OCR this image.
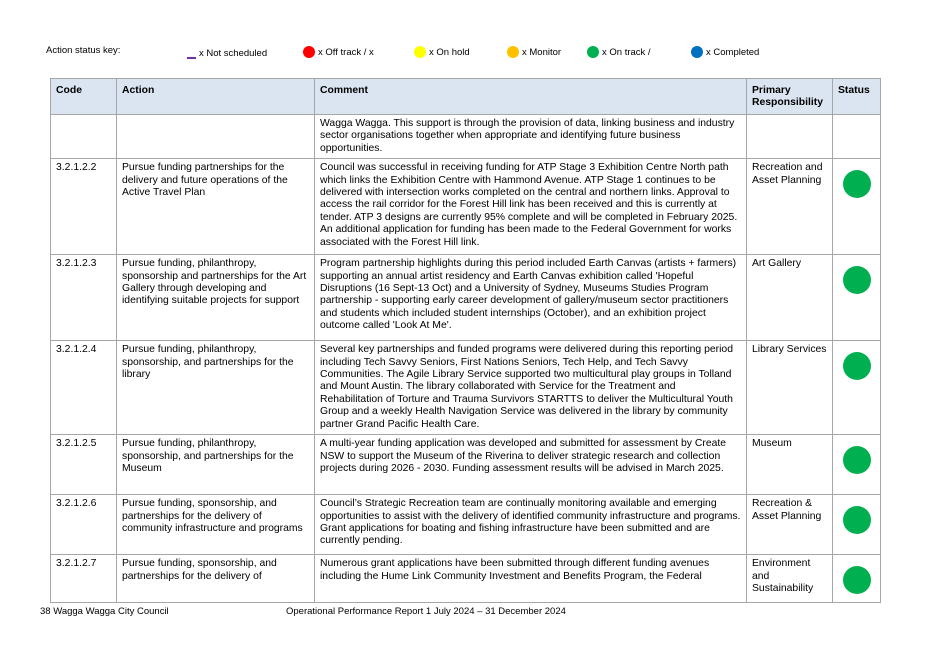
Action status key:	x Not scheduled	x Off track / x	x On hold	x Monitor	x On track /	x Completed
Code	Action	Comment	Primary Responsibility	Status
		Wagga Wagga. This support is through the provision of data, linking business and industry sector organisations together when appropriate and identifying future business opportunities.		
3.2.1.2.2	Pursue funding partnerships for the delivery and future operations of the Active Travel Plan	Council was successful in receiving funding for ATP Stage 3 Exhibition Centre North path which links the Exhibition Centre with Hammond Avenue. ATP Stage 1 continues to be delivered with intersection works completed on the central and northern links. Approval to access the rail corridor for the Forest Hill link has been received and this is currently at tender. ATP 3 designs are currently 95% complete and will be completed in February 2025. An additional application for funding has been made to the Federal Government for works associated with the Forest Hill link.	Recreation and Asset Planning	
3.2.1.2.3	Pursue funding, philanthropy, sponsorship and partnerships for the Art Gallery through developing and identifying suitable projects for support	Program partnership highlights during this period included Earth Canvas (artists + farmers) supporting an annual artist residency and Earth Canvas exhibition called 'Hopeful Disruptions (16 Sept-13 Oct) and a University of Sydney, Museums Studies Program partnership - supporting early career development of gallery/museum sector practitioners and students which included student internships (October), and an exhibition project outcome called 'Look At Me'.	Art Gallery	
3.2.1.2.4	Pursue funding, philanthropy, sponsorship, and partnerships for the library	Several key partnerships and funded programs were delivered during this reporting period including Tech Savvy Seniors, First Nations Seniors, Tech Help, and Tech Savvy Communities. The Agile Library Service supported two multicultural play groups in Tolland and Mount Austin. The library collaborated with Service for the Treatment and Rehabilitation of Torture and Trauma Survivors STARTTS to deliver the Multicultural Youth Group and a weekly Health Navigation Service was delivered in the library by community partner Grand Pacific Health Care.	Library Services	
3.2.1.2.5	Pursue funding, philanthropy, sponsorship, and partnerships for the Museum	A multi-year funding application was developed and submitted for assessment by Create NSW to support the Museum of the Riverina to deliver strategic research and collection projects during 2026 - 2030. Funding assessment results will be advised in March 2025.	Museum	
3.2.1.2.6	Pursue funding, sponsorship, and partnerships for the delivery of community infrastructure and programs	Council’s Strategic Recreation team are continually monitoring available and emerging opportunities to assist with the delivery of identified community infrastructure and programs. Grant applications for boating and fishing infrastructure have been submitted and are currently pending.	Recreation & Asset Planning	
3.2.1.2.7	Pursue funding, sponsorship, and partnerships for the delivery of	Numerous grant applications have been submitted through different funding avenues including the Hume Link Community Investment and Benefits Program, the Federal	Environment and Sustainability	
38 Wagga Wagga City Council	Operational Performance Report 1 July 2024 – 31 December 2024
